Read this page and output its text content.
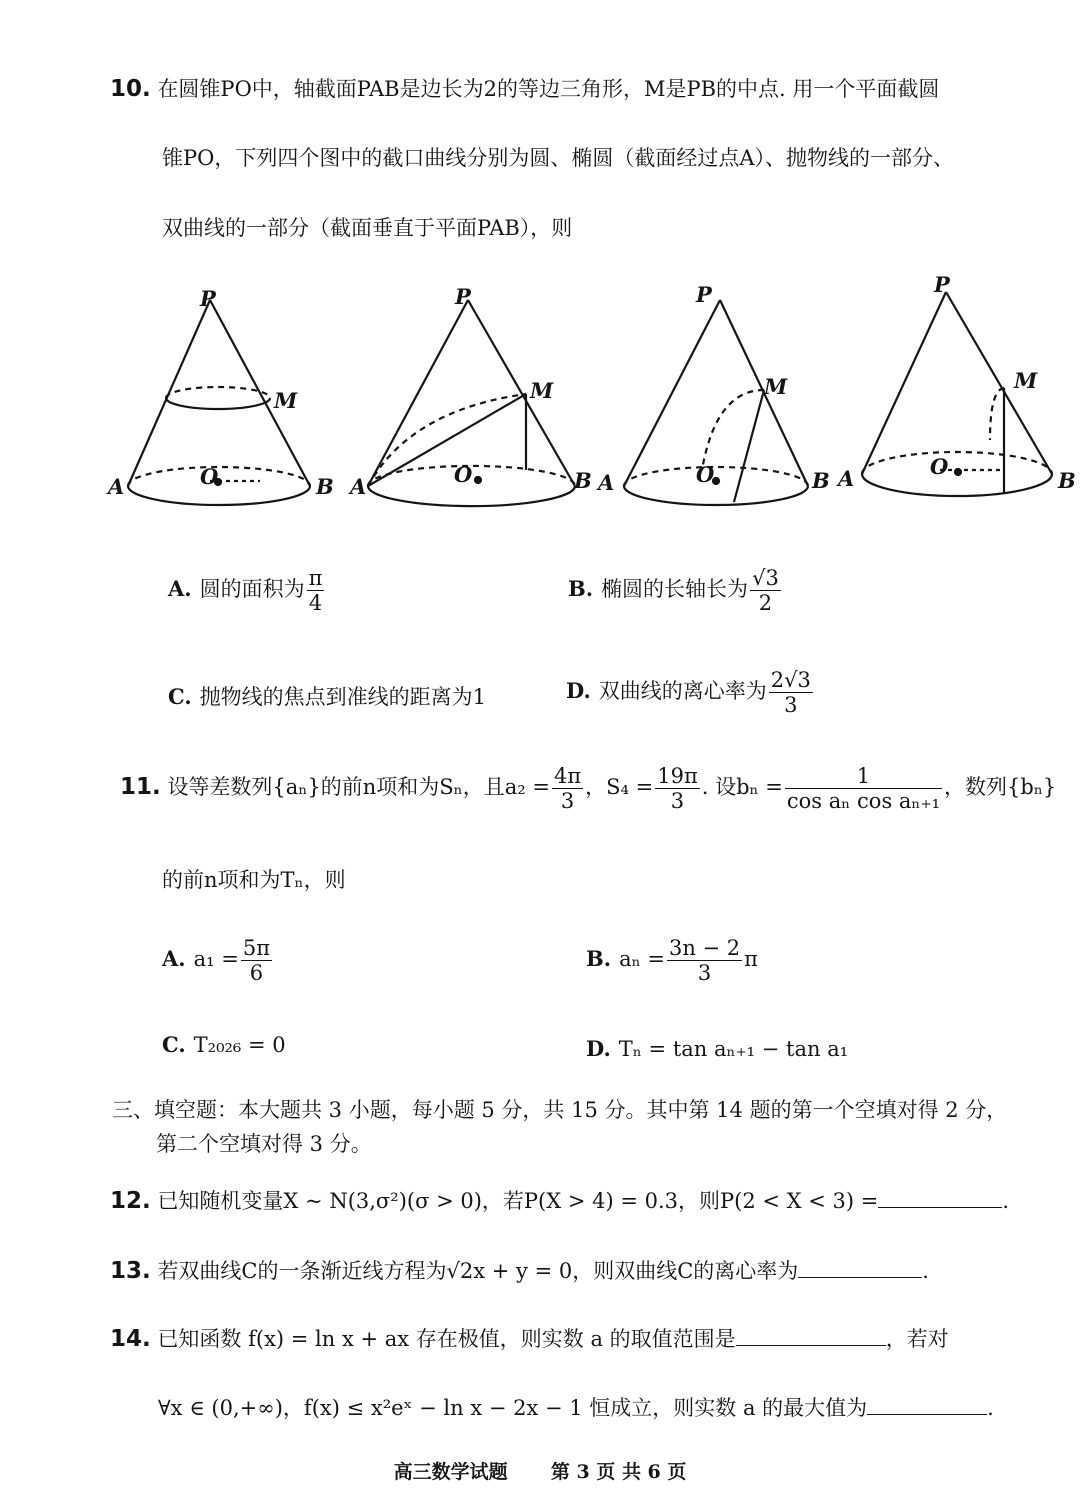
10. 在圆锥PO中，轴截面PAB是边长为2的等边三角形，M是PB的中点. 用一个平面截圆
锥PO，下列四个图中的截口曲线分别为圆、椭圆（截面经过点A）、抛物线的一部分、
双曲线的一部分（截面垂直于平面PAB），则
P
M
A	B
O
P
M
A	B
O
P
M
A	B
O
P
M
A	B
O
A. 圆的面积为 $\frac{\pi}{4}$	B. 椭圆的长轴长为 $\frac{√3}{2}$
C. 抛物线的焦点到准线的距离为1	D. 双曲线的离心率为 $\frac{2√3}{3}$
11. 设等差数列{aₙ}的前n项和为Sₙ，且$a_2 = \frac{4\pi}{3}$ ，$S_4 = \frac{19\pi}{3}$ . 设$b_n = \frac{1}{\text{cos aₙ cos aₙ₊₁}}$ ，数列{bₙ}
的前n项和为Tₙ，则
A. $a_1 = \frac{5\pi}{6}$	B. $a_n = \frac{3n - 2}{3}$ π
C. T₂₀₂₆ = 0	D. Tₙ = tan aₙ₊₁ − tan a₁
三、填空题：本大题共 3 小题，每小题 5 分，共 15 分。其中第 14 题的第一个空填对得 2 分，
第二个空填对得 3 分。
12. 已知随机变量X ~ N(3,σ²)(σ > 0)，若P(X > 4) = 0.3，则P(2 < X < 3) =	.
13. 若双曲线C的一条渐近线方程为√2x + y = 0，则双曲线C的离心率为	.
14. 已知函数 f(x) = ln x + ax 存在极值，则实数 a 的取值范围是	，若对
∀x ∈ (0,+∞)，f(x) ≤ x²eˣ − ln x − 2x − 1 恒成立，则实数 a 的最大值为	.
高三数学试题 第 3 页 共 6 页
